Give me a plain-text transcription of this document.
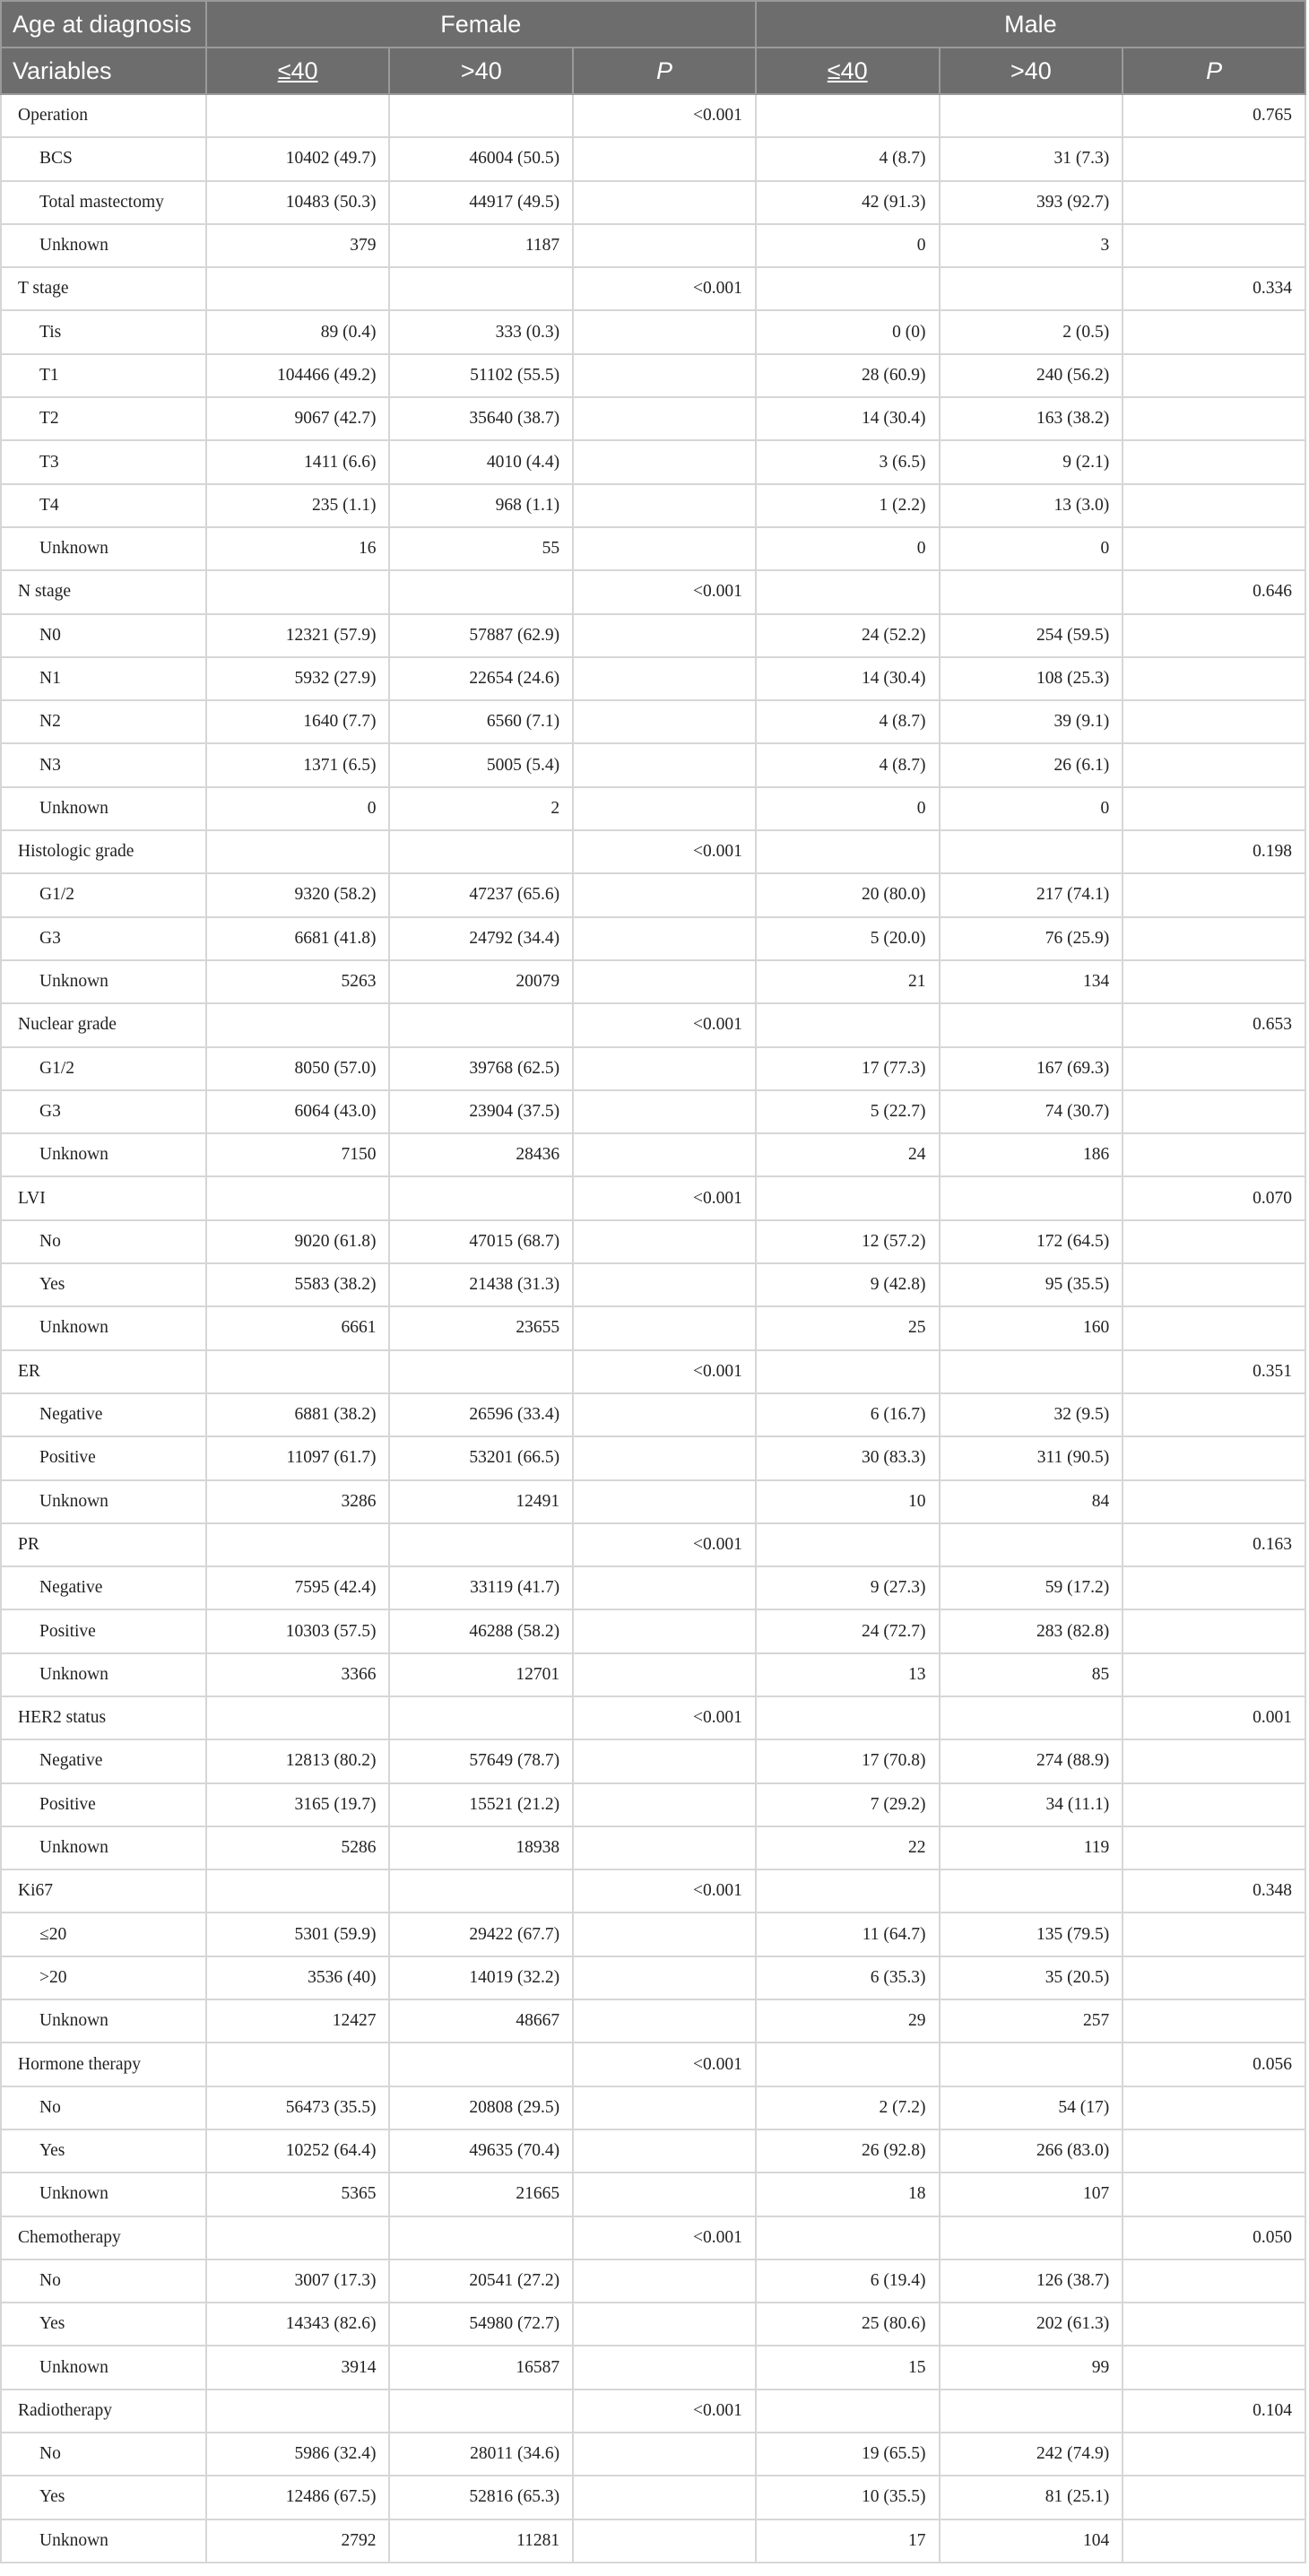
Age at diagnosis	Female			Male		
Variables	≤40	>40	P	≤40	>40	P
Operation			<0.001			0.765
BCS	10402 (49.7)	46004 (50.5)		4 (8.7)	31 (7.3)	
Total mastectomy	10483 (50.3)	44917 (49.5)		42 (91.3)	393 (92.7)	
Unknown	379	1187		0	3	
T stage			<0.001			0.334
Tis	89 (0.4)	333 (0.3)		0 (0)	2 (0.5)	
T1	104466 (49.2)	51102 (55.5)		28 (60.9)	240 (56.2)	
T2	9067 (42.7)	35640 (38.7)		14 (30.4)	163 (38.2)	
T3	1411 (6.6)	4010 (4.4)		3 (6.5)	9 (2.1)	
T4	235 (1.1)	968 (1.1)		1 (2.2)	13 (3.0)	
Unknown	16	55		0	0	
N stage			<0.001			0.646
N0	12321 (57.9)	57887 (62.9)		24 (52.2)	254 (59.5)	
N1	5932 (27.9)	22654 (24.6)		14 (30.4)	108 (25.3)	
N2	1640 (7.7)	6560 (7.1)		4 (8.7)	39 (9.1)	
N3	1371 (6.5)	5005 (5.4)		4 (8.7)	26 (6.1)	
Unknown	0	2		0	0	
Histologic grade			<0.001			0.198
G1/2	9320 (58.2)	47237 (65.6)		20 (80.0)	217 (74.1)	
G3	6681 (41.8)	24792 (34.4)		5 (20.0)	76 (25.9)	
Unknown	5263	20079		21	134	
Nuclear grade			<0.001			0.653
G1/2	8050 (57.0)	39768 (62.5)		17 (77.3)	167 (69.3)	
G3	6064 (43.0)	23904 (37.5)		5 (22.7)	74 (30.7)	
Unknown	7150	28436		24	186	
LVI			<0.001			0.070
No	9020 (61.8)	47015 (68.7)		12 (57.2)	172 (64.5)	
Yes	5583 (38.2)	21438 (31.3)		9 (42.8)	95 (35.5)	
Unknown	6661	23655		25	160	
ER			<0.001			0.351
Negative	6881 (38.2)	26596 (33.4)		6 (16.7)	32 (9.5)	
Positive	11097 (61.7)	53201 (66.5)		30 (83.3)	311 (90.5)	
Unknown	3286	12491		10	84	
PR			<0.001			0.163
Negative	7595 (42.4)	33119 (41.7)		9 (27.3)	59 (17.2)	
Positive	10303 (57.5)	46288 (58.2)		24 (72.7)	283 (82.8)	
Unknown	3366	12701		13	85	
HER2 status			<0.001			0.001
Negative	12813 (80.2)	57649 (78.7)		17 (70.8)	274 (88.9)	
Positive	3165 (19.7)	15521 (21.2)		7 (29.2)	34 (11.1)	
Unknown	5286	18938		22	119	
Ki67			<0.001			0.348
≤20	5301 (59.9)	29422 (67.7)		11 (64.7)	135 (79.5)	
>20	3536 (40)	14019 (32.2)		6 (35.3)	35 (20.5)	
Unknown	12427	48667		29	257	
Hormone therapy			<0.001			0.056
No	56473 (35.5)	20808 (29.5)		2 (7.2)	54 (17)	
Yes	10252 (64.4)	49635 (70.4)		26 (92.8)	266 (83.0)	
Unknown	5365	21665		18	107	
Chemotherapy			<0.001			0.050
No	3007 (17.3)	20541 (27.2)		6 (19.4)	126 (38.7)	
Yes	14343 (82.6)	54980 (72.7)		25 (80.6)	202 (61.3)	
Unknown	3914	16587		15	99	
Radiotherapy			<0.001			0.104
No	5986 (32.4)	28011 (34.6)		19 (65.5)	242 (74.9)	
Yes	12486 (67.5)	52816 (65.3)		10 (35.5)	81 (25.1)	
Unknown	2792	11281		17	104	
